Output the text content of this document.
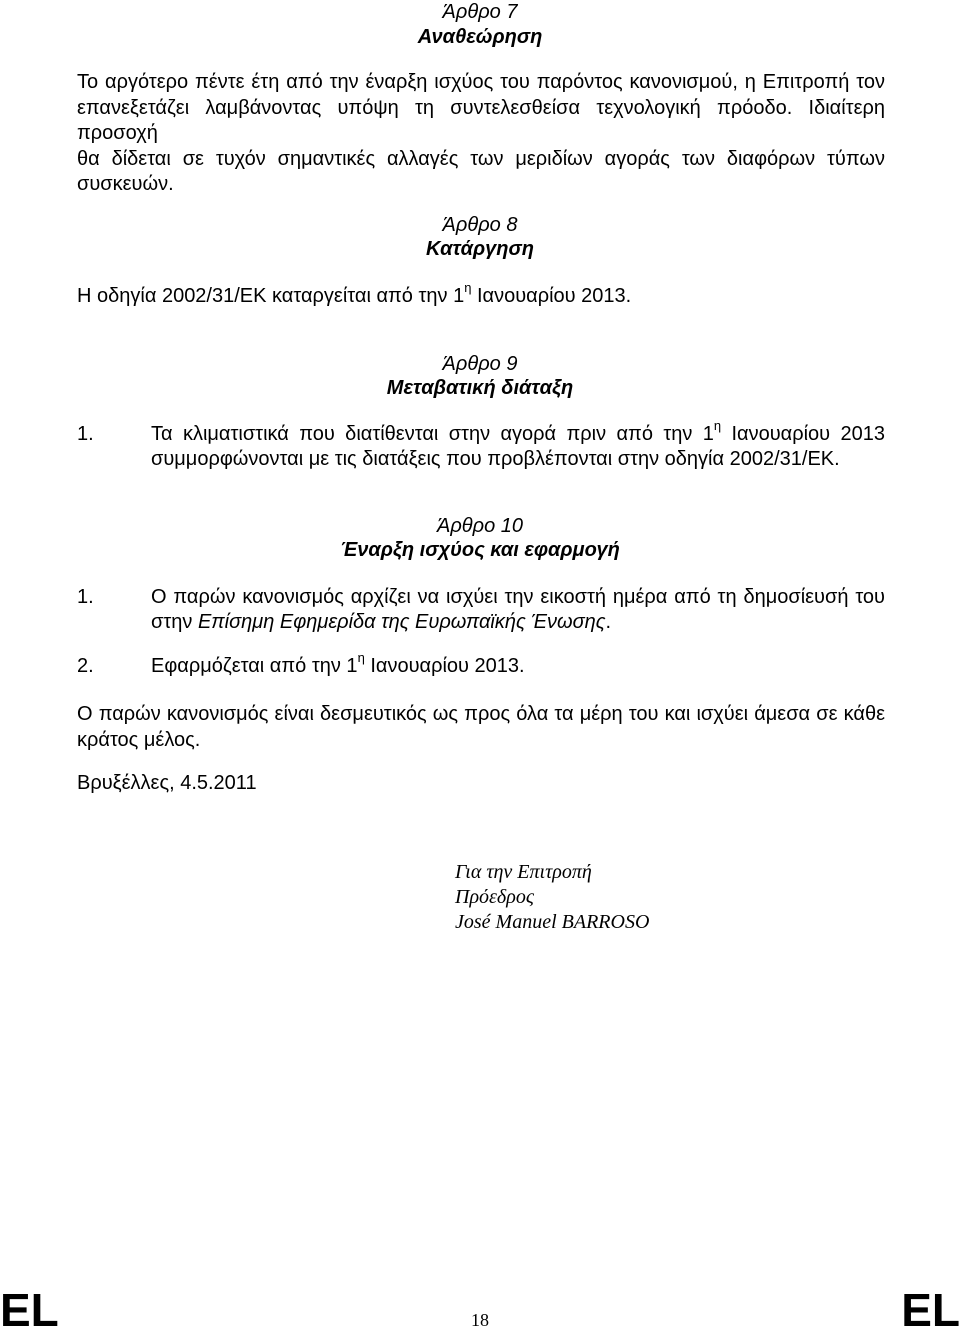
Άρθρο 7
Αναθεώρηση
Το αργότερο πέντε έτη από την έναρξη ισχύος του παρόντος κανονισμού, η Επιτροπή τον
επανεξετάζει λαμβάνοντας υπόψη τη συντελεσθείσα τεχνολογική πρόοδο. Ιδιαίτερη προσοχή
θα δίδεται σε τυχόν σημαντικές αλλαγές των μεριδίων αγοράς των διαφόρων τύπων
συσκευών.
Άρθρο 8
Κατάργηση
Η οδηγία 2002/31/ΕΚ καταργείται από την $1^\eta$ Ιανουαρίου 2013.
Άρθρο 9
Μεταβατική διάταξη
1.	Τα κλιματιστικά που διατίθενται στην αγορά πριν από την $1^\eta$ Ιανουαρίου 2013
συμμορφώνονται με τις διατάξεις που προβλέπονται στην οδηγία 2002/31/ΕΚ.
Άρθρο 10
Έναρξη ισχύος και εφαρμογή
1.	Ο παρών κανονισμός αρχίζει να ισχύει την εικοστή ημέρα από τη δημοσίευσή του
στην Επίσημη Εφημερίδα της Ευρωπαϊκής Ένωσης.
2.	Εφαρμόζεται από την $1^\eta$ Ιανουαρίου 2013.
Ο παρών κανονισμός είναι δεσμευτικός ως προς όλα τα μέρη του και ισχύει άμεσα σε κάθε
κράτος μέλος.
Βρυξέλλες, 4.5.2011
Για την Επιτροπή
Πρόεδρος
José Manuel BARROSO
EL	18	EL
